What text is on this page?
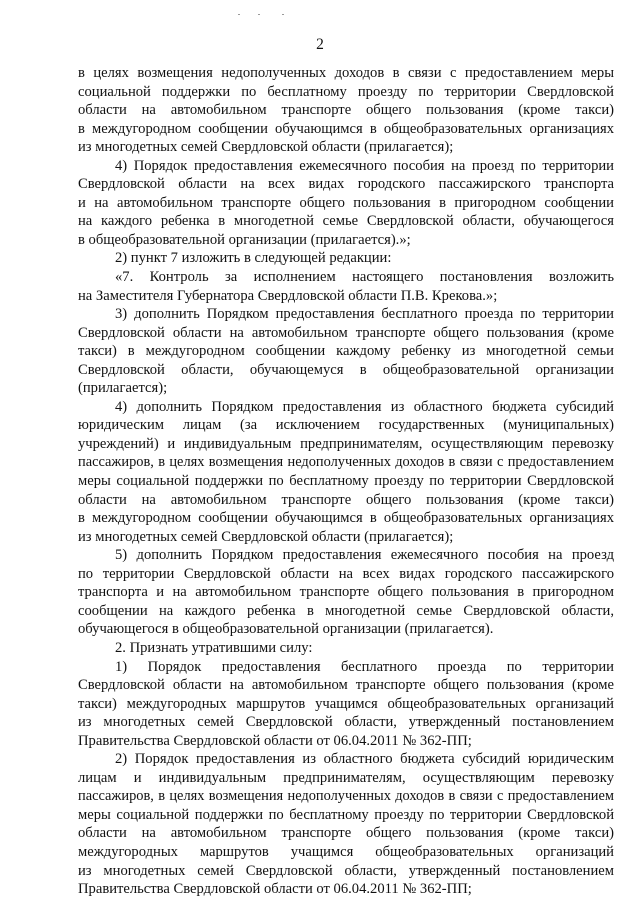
2
в целях возмещения недополученных доходов в связи с предоставлением меры
социальной поддержки по бесплатному проезду по территории Свердловской
области на автомобильном транспорте общего пользования (кроме такси)
в междугородном сообщении обучающимся в общеобразовательных организациях
из многодетных семей Свердловской области (прилагается);
4) Порядок предоставления ежемесячного пособия на проезд по территории
Свердловской области на всех видах городского пассажирского транспорта
и на автомобильном транспорте общего пользования в пригородном сообщении
на каждого ребенка в многодетной семье Свердловской области, обучающегося
в общеобразовательной организации (прилагается).»;
2) пункт 7 изложить в следующей редакции:
«7. Контроль за исполнением настоящего постановления возложить
на Заместителя Губернатора Свердловской области П.В. Крекова.»;
3) дополнить Порядком предоставления бесплатного проезда по территории
Свердловской области на автомобильном транспорте общего пользования (кроме
такси) в междугородном сообщении каждому ребенку из многодетной семьи
Свердловской области, обучающемуся в общеобразовательной организации
(прилагается);
4) дополнить Порядком предоставления из областного бюджета субсидий
юридическим лицам (за исключением государственных (муниципальных)
учреждений) и индивидуальным предпринимателям, осуществляющим перевозку
пассажиров, в целях возмещения недополученных доходов в связи с предоставлением
меры социальной поддержки по бесплатному проезду по территории Свердловской
области на автомобильном транспорте общего пользования (кроме такси)
в междугородном сообщении обучающимся в общеобразовательных организациях
из многодетных семей Свердловской области (прилагается);
5) дополнить Порядком предоставления ежемесячного пособия на проезд
по территории Свердловской области на всех видах городского пассажирского
транспорта и на автомобильном транспорте общего пользования в пригородном
сообщении на каждого ребенка в многодетной семье Свердловской области,
обучающегося в общеобразовательной организации (прилагается).
2. Признать утратившими силу:
1) Порядок предоставления бесплатного проезда по территории
Свердловской области на автомобильном транспорте общего пользования (кроме
такси) междугородных маршрутов учащимся общеобразовательных организаций
из многодетных семей Свердловской области, утвержденный постановлением
Правительства Свердловской области от 06.04.2011 № 362-ПП;
2) Порядок предоставления из областного бюджета субсидий юридическим
лицам и индивидуальным предпринимателям, осуществляющим перевозку
пассажиров, в целях возмещения недополученных доходов в связи с предоставлением
меры социальной поддержки по бесплатному проезду по территории Свердловской
области на автомобильном транспорте общего пользования (кроме такси)
междугородных маршрутов учащимся общеобразовательных организаций
из многодетных семей Свердловской области, утвержденный постановлением
Правительства Свердловской области от 06.04.2011 № 362-ПП;
